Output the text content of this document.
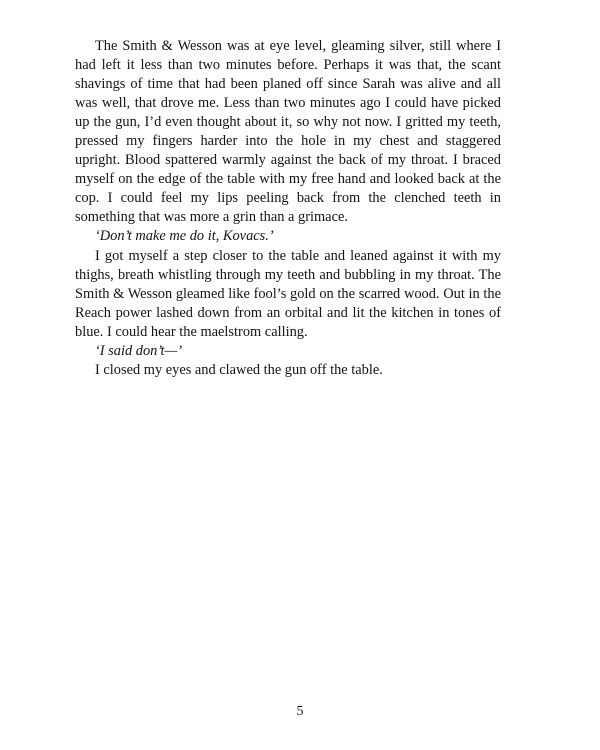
The Smith & Wesson was at eye level, gleaming silver, still where I had left it less than two minutes before. Perhaps it was that, the scant shavings of time that had been planed off since Sarah was alive and all was well, that drove me. Less than two minutes ago I could have picked up the gun, I’d even thought about it, so why not now. I gritted my teeth, pressed my fingers harder into the hole in my chest and staggered upright. Blood spattered warmly against the back of my throat. I braced myself on the edge of the table with my free hand and looked back at the cop. I could feel my lips peeling back from the clenched teeth in something that was more a grin than a grimace.

‘Don’t make me do it, Kovacs.’

I got myself a step closer to the table and leaned against it with my thighs, breath whistling through my teeth and bubbling in my throat. The Smith & Wesson gleamed like fool’s gold on the scarred wood. Out in the Reach power lashed down from an orbital and lit the kitchen in tones of blue. I could hear the maelstrom calling.

‘I said don’t—’

I closed my eyes and clawed the gun off the table.

5
